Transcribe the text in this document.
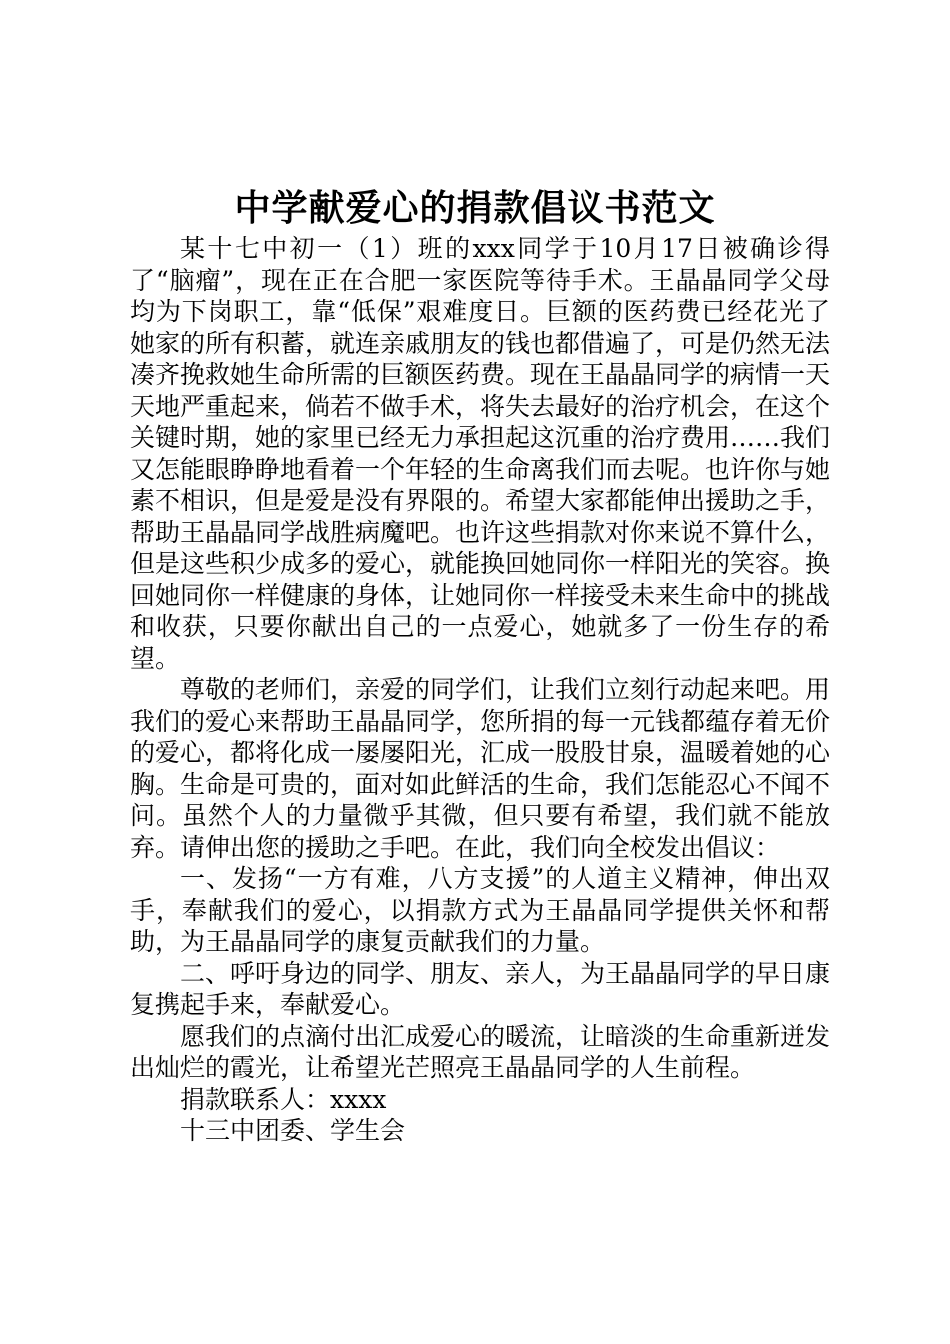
中学献爱心的捐款倡议书范文

某十七中初一（1）班的xxx同学于10月17日被确诊得了“脑瘤”，现在正在合肥一家医院等待手术。王晶晶同学父母均为下岗职工，靠“低保”艰难度日。巨额的医药费已经花光了她家的所有积蓄，就连亲戚朋友的钱也都借遍了，可是仍然无法凑齐挽救她生命所需的巨额医药费。现在王晶晶同学的病情一天天地严重起来，倘若不做手术，将失去最好的治疗机会，在这个关键时期，她的家里已经无力承担起这沉重的治疗费用……我们又怎能眼睁睁地看着一个年轻的生命离我们而去呢。也许你与她素不相识，但是爱是没有界限的。希望大家都能伸出援助之手，帮助王晶晶同学战胜病魔吧。也许这些捐款对你来说不算什么，但是这些积少成多的爱心，就能换回她同你一样阳光的笑容。换回她同你一样健康的身体，让她同你一样接受未来生命中的挑战和收获，只要你献出自己的一点爱心，她就多了一份生存的希望。

尊敬的老师们，亲爱的同学们，让我们立刻行动起来吧。用我们的爱心来帮助王晶晶同学，您所捐的每一元钱都蕴存着无价的爱心，都将化成一屡屡阳光，汇成一股股甘泉，温暖着她的心胸。生命是可贵的，面对如此鲜活的生命，我们怎能忍心不闻不问。虽然个人的力量微乎其微，但只要有希望，我们就不能放弃。请伸出您的援助之手吧。在此，我们向全校发出倡议：

一、发扬“一方有难，八方支援”的人道主义精神，伸出双手，奉献我们的爱心，以捐款方式为王晶晶同学提供关怀和帮助，为王晶晶同学的康复贡献我们的力量。

二、呼吁身边的同学、朋友、亲人，为王晶晶同学的早日康复携起手来，奉献爱心。

愿我们的点滴付出汇成爱心的暖流，让暗淡的生命重新迸发出灿烂的霞光，让希望光芒照亮王晶晶同学的人生前程。

捐款联系人：xxxx

十三中团委、学生会
